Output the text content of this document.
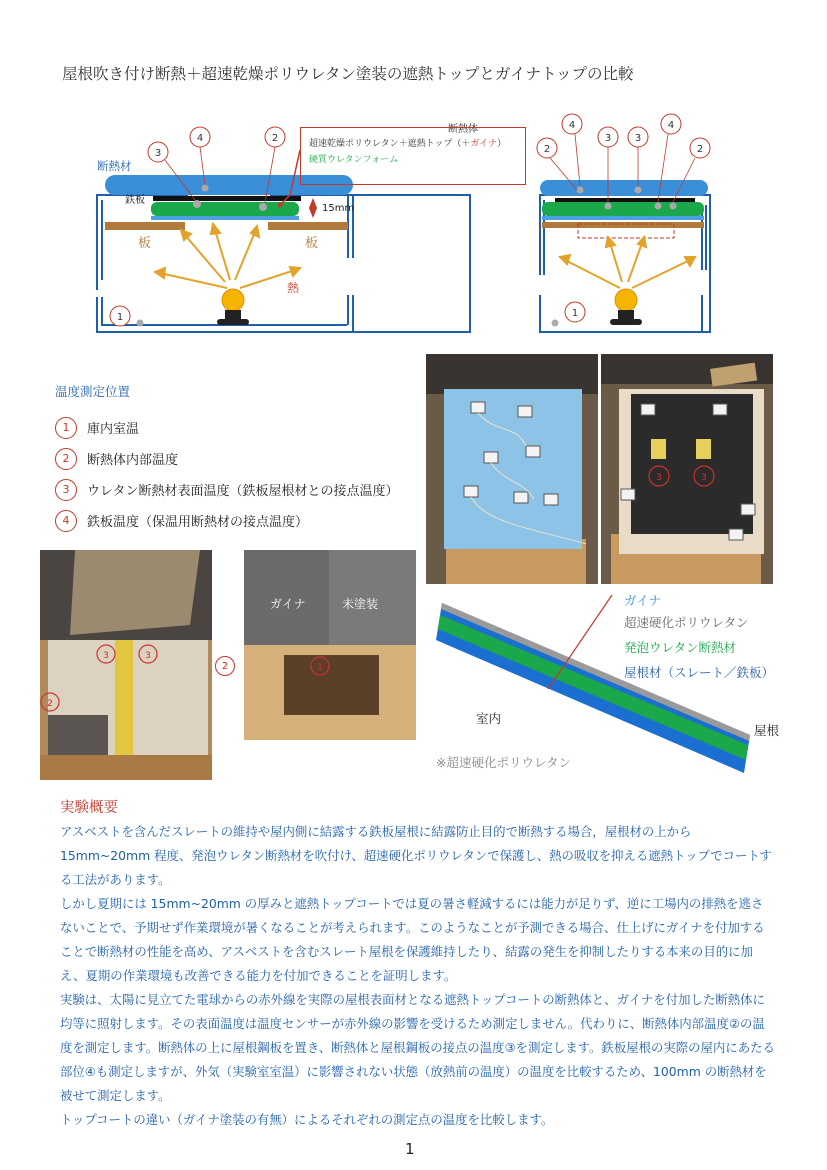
屋根吹き付け断熱＋超速乾燥ポリウレタン塗装の遮熱トップとガイナトップの比較
断熱材
鉄板
板	板
15mm
3
4	2
1
熱
断熱体
超速乾燥ポリウレタン＋遮熱トップ（＋ガイナ）
硬質ウレタンフォーム
4
3 3
4
2	2
1
温度測定位置
1	庫内室温
2	断熱体内部温度
3	ウレタン断熱材表面温度（鉄板屋根材との接点温度）
4	鉄板温度（保温用断熱材の接点温度）
3	3
3	3
2
2	1
ガイナ	未塗装	ガイナ
超速硬化ポリウレタン
発泡ウレタン断熱材
屋根材（スレート／鉄板）
室内
屋根
※超速硬化ポリウレタン
実験概要

アスベストを含んだスレートの維持や屋内側に結露する鉄板屋根に結露防止目的で断熱する場合，屋根材の上から15mm~20mm 程度、発泡ウレタン断熱材を吹付け、超速硬化ポリウレタンで保護し、熱の吸収を抑える遮熱トップでコートする工法があります。

しかし夏期には 15mm~20mm の厚みと遮熱トップコートでは夏の暑さ軽減するには能力が足りず、逆に工場内の排熱を逃さないことで、予期せず作業環境が暑くなることが考えられます。このようなことが予測できる場合、仕上げにガイナを付加することで断熱材の性能を高め、アスベストを含むスレート屋根を保護維持したり、結露の発生を抑制したりする本来の目的に加え、夏期の作業環境も改善できる能力を付加できることを証明します。

実験は、太陽に見立てた電球からの赤外線を実際の屋根表面材となる遮熱トップコートの断熱体と、ガイナを付加した断熱体に均等に照射します。その表面温度は温度センサーが赤外線の影響を受けるため測定しません。代わりに、断熱体内部温度②の温度を測定します。断熱体の上に屋根鋼板を置き、断熱体と屋根鋼板の接点の温度③を測定します。鉄板屋根の実際の屋内にあたる部位④も測定しますが、外気（実験室室温）に影響されない状態（放熱前の温度）の温度を比較するため、100mm の断熱材を被せて測定します。

トップコートの違い（ガイナ塗装の有無）によるそれぞれの測定点の温度を比較します。

1
